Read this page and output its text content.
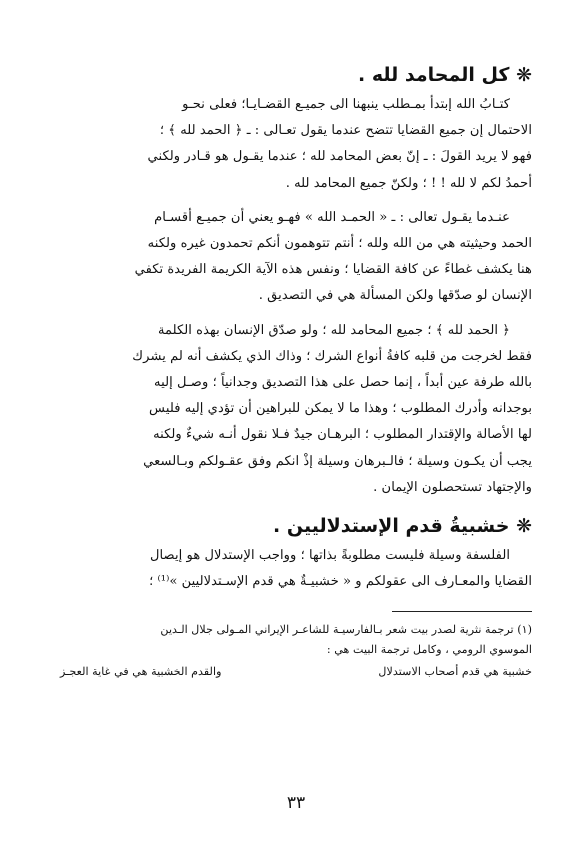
❋ كل المحامد لله .

كتـابُ الله إبتدأ بمـطلب ينبهنا الى جميـع القضـايـا؛ فعلى نحـو
الاحتمال إن جميع القضايا تتضح عندما يقول تعـالى : ـ ﴿ الحمد لله ﴾ ؛
فهو لا يريد القولَ : ـ إنّ بعض المحامد لله ؛ عندما يقـول هو قـادر ولكني
أحمدُ لكم لا لله ! ! ؛ ولكنّ جميع المحامد لله .

عنـدما يقـول تعالى : ـ « الحمـد الله » فهـو يعني أن جميـع أقسـام
الحمد وحيثيته هي من الله ولله ؛ أنتم تتوهمون أنكم تحمدون غيره ولكنه
هنا يكشف غطاءً عن كافة القضايا ؛ ونفس هذه الآية الكريمة الفريدة تكفي
الإنسان لو صدّقها ولكن المسألة هي في التصديق .

﴿ الحمد لله ﴾ ؛ جميع المحامد لله ؛ ولو صدّق الإنسان بهذه الكلمة
فقط لخرجت من قلبه كافةُ أنواع الشرك ؛ وذاك الذي يكشف أنه لم يشرك
بالله طرفة عين أبداً ، إنما حصل على هذا التصديق وجدانياً ؛ وصـل إليه
بوجدانه وأدرك المطلوب ؛ وهذا ما لا يمكن للبراهين أن تؤدي إليه فليس
لها الأصالة والإقتدار المطلوب ؛ البرهـان جيدٌ فـلا نقول أنـه شيءٌ ولكنه
يجب أن يكـون وسيلة ؛ فالـبرهان وسيلة إذْ انكم وفق عقـولكم وبـالسعي
والإجتهاد تستحصلون الإيمان .

❋ خشبيةُ قدم الإستدلاليين .

الفلسفة وسيلة فليست مطلوبةً بذاتها ؛ وواجب الإستدلال هو إيصال
القضايا والمعـارف الى عقولكم و « خشبيـةٌ هي قدم الإسـتدلاليين »⁽¹⁾ ؛

(١) ترجمة نثرية لصدر بيت شعر بـالفارسيـة للشاعـر الإيراني المـولى جلال الـدين
الموسوي الرومي ، وكامل ترجمة البيت هي :
خشبية هي قدم أصحاب الاستدلال
والقدم الخشبية هي في غاية العجـز
٣٣
